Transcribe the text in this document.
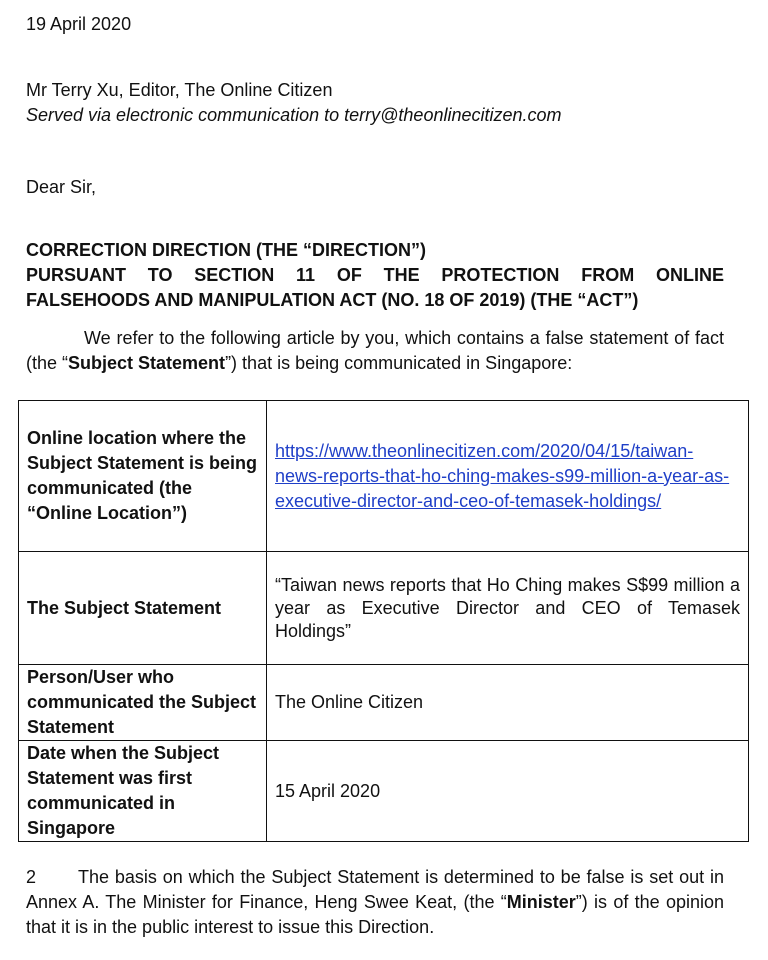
19 April 2020

Mr Terry Xu, Editor, The Online Citizen
Served via electronic communication to terry@theonlinecitizen.com

Dear Sir,

CORRECTION DIRECTION (THE “DIRECTION”)
PURSUANT TO SECTION 11 OF THE PROTECTION FROM ONLINE
FALSEHOODS AND MANIPULATION ACT (NO. 18 OF 2019) (THE “ACT”)

We refer to the following article by you, which contains a false statement of fact (the “Subject Statement”) that is being communicated in Singapore:

Online location where the Subject Statement is being communicated (the “Online Location”)	https://www.theonlinecitizen.com/2020/04/15/taiwan-news-reports-that-ho-ching-makes-s99-million-a-year-as-executive-director-and-ceo-of-temasek-holdings/
The Subject Statement	“Taiwan news reports that Ho Ching makes S$99 million a year as Executive Director and CEO of Temasek Holdings”
Person/User who communicated the Subject Statement	The Online Citizen
Date when the Subject Statement was first communicated in Singapore	15 April 2020

2 The basis on which the Subject Statement is determined to be false is set out in Annex A. The Minister for Finance, Heng Swee Keat, (the “Minister”) is of the opinion that it is in the public interest to issue this Direction.
